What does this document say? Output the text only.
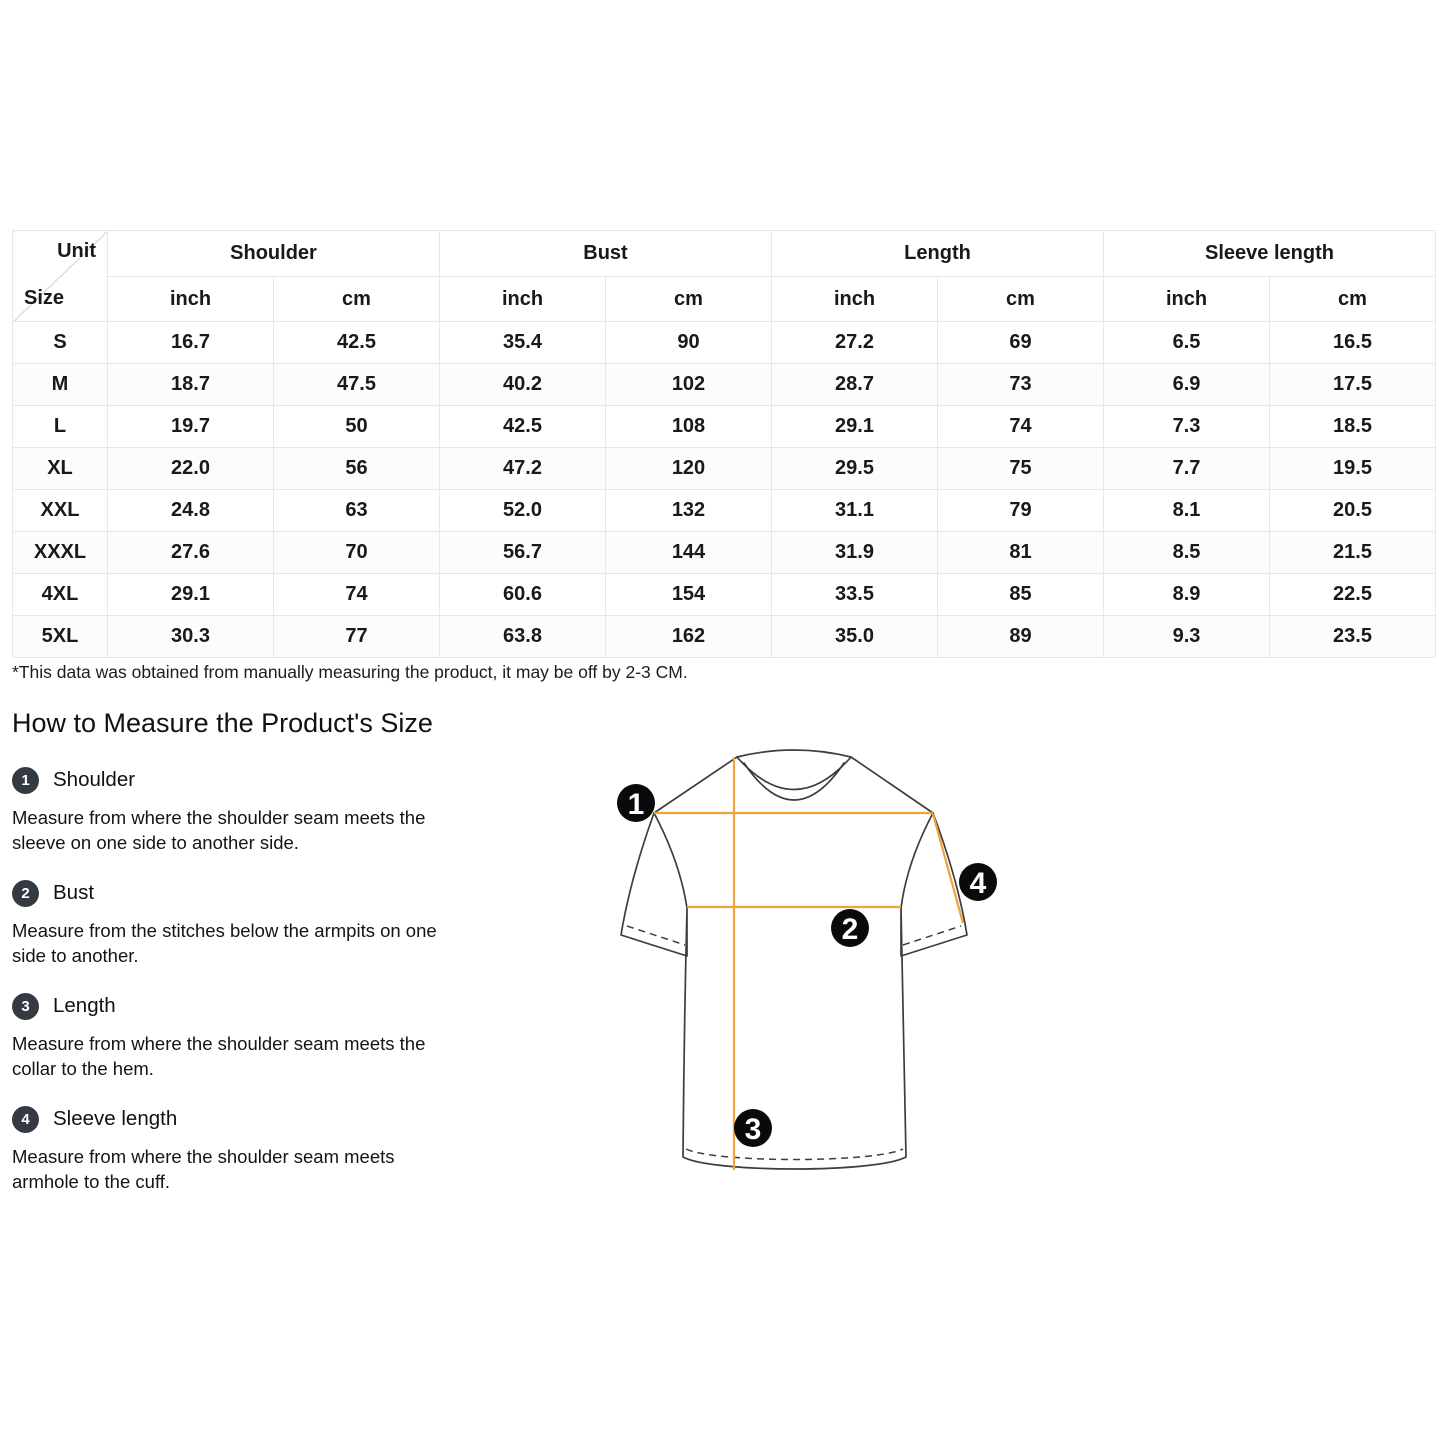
Unit
Size	Shoulder		Bust		Length		Sleeve length	
	inch	cm	inch	cm	inch	cm	inch	cm
S	16.7	42.5	35.4	90	27.2	69	6.5	16.5
M	18.7	47.5	40.2	102	28.7	73	6.9	17.5
L	19.7	50	42.5	108	29.1	74	7.3	18.5
XL	22.0	56	47.2	120	29.5	75	7.7	19.5
XXL	24.8	63	52.0	132	31.1	79	8.1	20.5
XXXL	27.6	70	56.7	144	31.9	81	8.5	21.5
4XL	29.1	74	60.6	154	33.5	85	8.9	22.5
5XL	30.3	77	63.8	162	35.0	89	9.3	23.5
*This data was obtained from manually measuring the product, it may be off by 2-3 CM.
How to Measure the Product's Size
1	Shoulder
Measure from where the shoulder seam meets the
sleeve on one side to another side.
2	Bust
Measure from the stitches below the armpits on one
side to another.
3	Length
Measure from where the shoulder seam meets the
collar to the hem.
4	Sleeve length
Measure from where the shoulder seam meets
armhole to the cuff.
1
2
3
4
